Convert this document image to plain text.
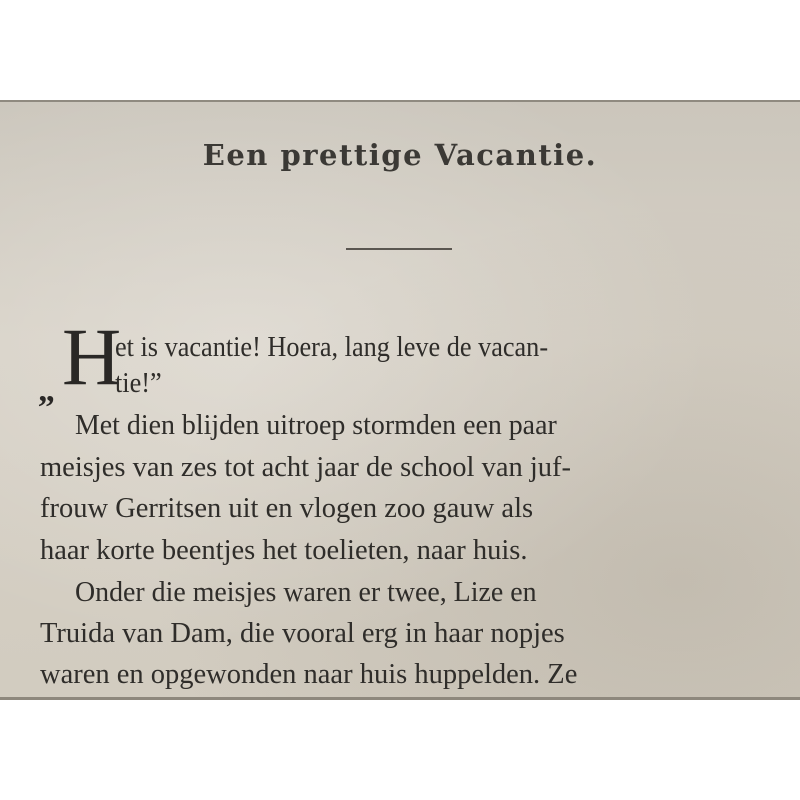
Een prettige Vacantie.
„ H
et is vacantie! Hoera, lang leve de vacan-
tie!”
Met dien blijden uitroep stormden een paar
meisjes van zes tot acht jaar de school van juf-
frouw Gerritsen uit en vlogen zoo gauw als
haar korte beentjes het toelieten, naar huis.
Onder die meisjes waren er twee, Lize en
Truida van Dam, die vooral erg in haar nopjes
waren en opgewonden naar huis huppelden. Ze
